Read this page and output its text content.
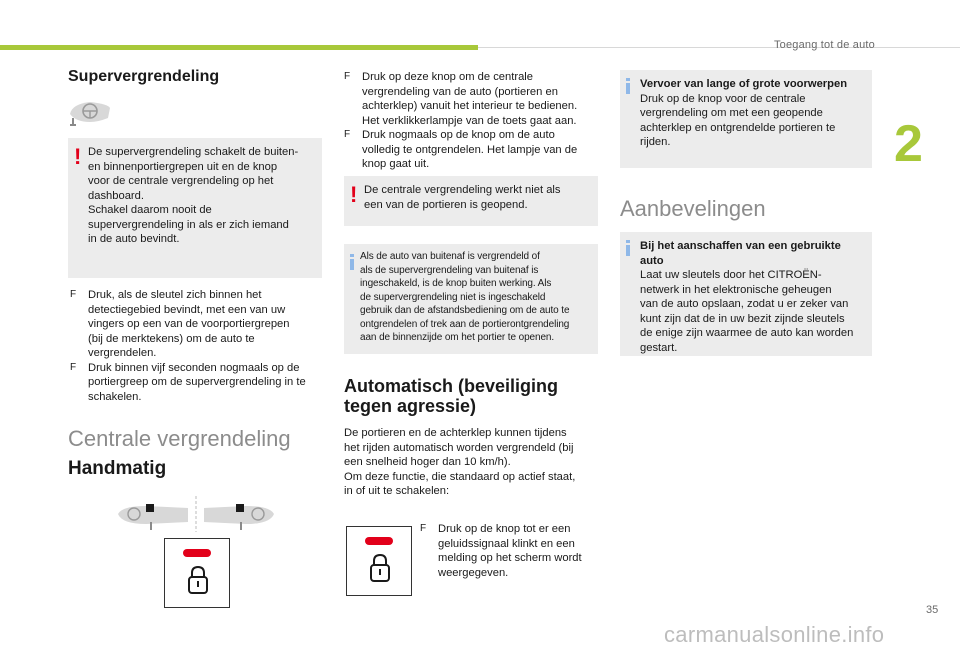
Toegang tot de auto
2
35
carmanualsonline.info
Supervergrendeling
! De supervergrendeling schakelt de buiten-
en binnenportiergrepen uit en de knop
voor de centrale vergrendeling op het
dashboard.
Schakel daarom nooit de
supervergrendeling in als er zich iemand
in de auto bevindt.
F Druk, als de sleutel zich binnen het
detectiegebied bevindt, met een van uw
vingers op een van de voorportiergrepen
(bij de merktekens) om de auto te
vergrendelen.
F Druk binnen vijf seconden nogmaals op de
portiergreep om de supervergrendeling in te
schakelen.
Centrale vergrendeling
Handmatig
F Druk op deze knop om de centrale
vergrendeling van de auto (portieren en
achterklep) vanuit het interieur te bedienen.
Het verklikkerlampje van de toets gaat aan.
F Druk nogmaals op de knop om de auto
volledig te ontgrendelen. Het lampje van de
knop gaat uit.
! De centrale vergrendeling werkt niet als
een van de portieren is geopend.
Als de auto van buitenaf is vergrendeld of
als de supervergrendeling van buitenaf is
ingeschakeld, is de knop buiten werking. Als
de supervergrendeling niet is ingeschakeld
gebruik dan de afstandsbediening om de auto te
ontgrendelen of trek aan de portierontgrendeling
aan de binnenzijde om het portier te openen.
Automatisch (beveiliging
tegen agressie)
De portieren en de achterklep kunnen tijdens
het rijden automatisch worden vergrendeld (bij
een snelheid hoger dan 10 km/h).
Om deze functie, die standaard op actief staat,
in of uit te schakelen:
F Druk op de knop tot er een
geluidssignaal klinkt en een
melding op het scherm wordt
weergegeven.
Vervoer van lange of grote voorwerpen
Druk op de knop voor de centrale
vergrendeling om met een geopende
achterklep en ontgrendelde portieren te
rijden.
Aanbevelingen
Bij het aanschaffen van een gebruikte
auto
Laat uw sleutels door het CITROËN-
netwerk in het elektronische geheugen
van de auto opslaan, zodat u er zeker van
kunt zijn dat de in uw bezit zijnde sleutels
de enige zijn waarmee de auto kan worden
gestart.
